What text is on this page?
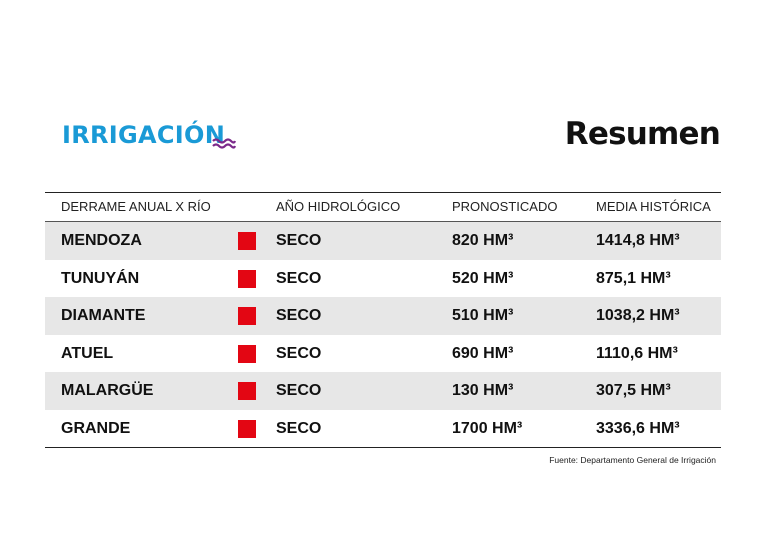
IRRIGACIÓN	Resumen
DERRAME ANUAL X RÍO	AÑO HIDROLÓGICO	PRONOSTICADO	MEDIA HISTÓRICA
MENDOZA	SECO	820 HM³	1414,8 HM³
TUNUYÁN	SECO	520 HM³	875,1 HM³
DIAMANTE	SECO	510 HM³	1038,2 HM³
ATUEL	SECO	690 HM³	1110,6 HM³
MALARGÜE	SECO	130 HM³	307,5 HM³
GRANDE	SECO	1700 HM³	3336,6 HM³
Fuente: Departamento General de Irrigación
